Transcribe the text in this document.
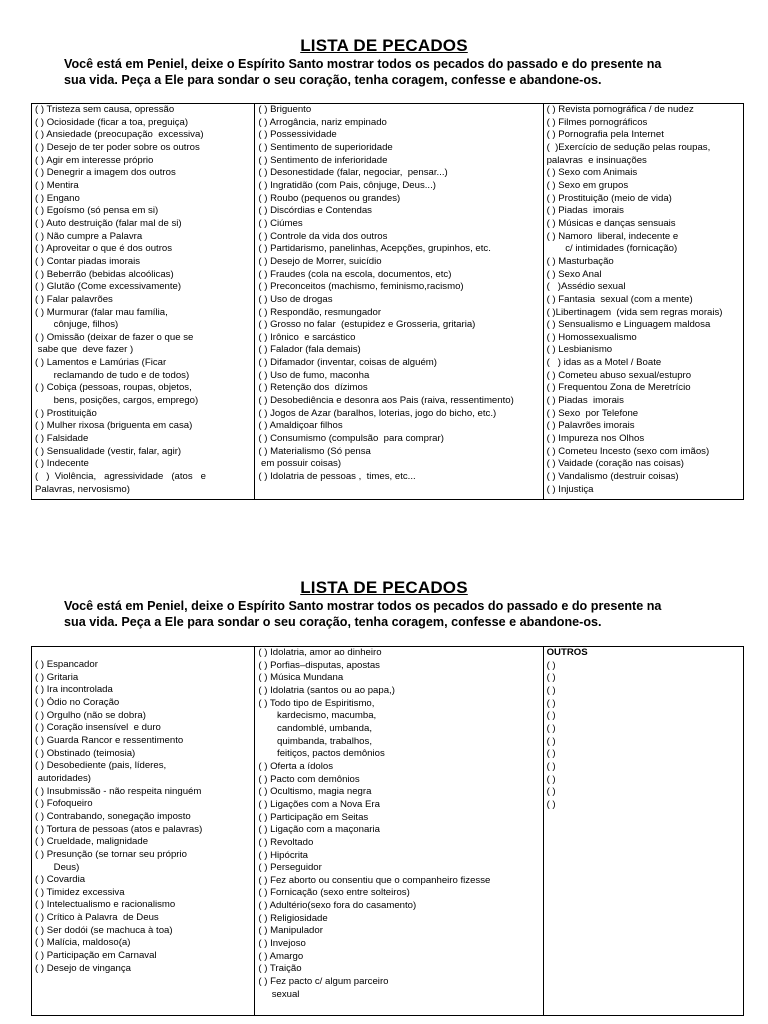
LISTA DE PECADOS
Você está em Peniel, deixe o Espírito Santo mostrar todos os pecados do passado e do presente na
sua vida. Peça a Ele para sondar o seu coração, tenha coragem, confesse e abandone-os.
( ) Tristeza sem causa, opressão
( ) Ociosidade (ficar a toa, preguiça)
( ) Ansiedade (preocupação  excessiva)
( ) Desejo de ter poder sobre os outros
( ) Agir em interesse próprio
( ) Denegrir a imagem dos outros
( ) Mentira
( ) Engano
( ) Egoísmo (só pensa em si)
( ) Auto destruição (falar mal de si)
( ) Não cumpre a Palavra
( ) Aproveitar o que é dos outros
( ) Contar piadas imorais
( ) Beberrão (bebidas alcoólicas)
( ) Glutão (Come excessivamente)
( ) Falar palavrões
( ) Murmurar (falar mau família,
cônjuge, filhos)
( ) Omissão (deixar de fazer o que se
sabe que  deve fazer )
( ) Lamentos e Lamúrias (Ficar
reclamando de tudo e de todos)
( ) Cobiça (pessoas, roupas, objetos,
bens, posições, cargos, emprego)
( ) Prostituição
( ) Mulher rixosa (briguenta em casa)
( ) Falsidade
( ) Sensualidade (vestir, falar, agir)
( ) Indecente
(   )  Violência,   agressividade   (atos   e
Palavras, nervosismo)
( ) Briguento
( ) Arrogância, nariz empinado
( ) Possessividade
( ) Sentimento de superioridade
( ) Sentimento de inferioridade
( ) Desonestidade (falar, negociar,  pensar...)
( ) Ingratidão (com Pais, cônjuge, Deus...)
( ) Roubo (pequenos ou grandes)
( ) Discórdias e Contendas
( ) Ciúmes
( ) Controle da vida dos outros
( ) Partidarismo, panelinhas, Acepções, grupinhos, etc.
( ) Desejo de Morrer, suicídio
( ) Fraudes (cola na escola, documentos, etc)
( ) Preconceitos (machismo, feminismo,racismo)
( ) Uso de drogas
( ) Respondão, resmungador
( ) Grosso no falar  (estupidez e Grosseria, gritaria)
( ) Irônico  e sarcástico
( ) Falador (fala demais)
( ) Difamador (inventar, coisas de alguém)
( ) Uso de fumo, maconha
( ) Retenção dos  dízimos
( ) Desobediência e desonra aos Pais (raiva, ressentimento)
( ) Jogos de Azar (baralhos, loterias, jogo do bicho, etc.)
( ) Amaldiçoar filhos
( ) Consumismo (compulsão  para comprar)
( ) Materialismo (Só pensa
em possuir coisas)
( ) Idolatria de pessoas ,  times, etc...
( ) Revista pornográfica / de nudez
( ) Filmes pornográficos
( ) Pornografia pela Internet
(  )Exercício de sedução pelas roupas,
palavras  e insinuações
( ) Sexo com Animais
( ) Sexo em grupos
( ) Prostituição (meio de vida)
( ) Piadas  imorais
( ) Músicas e danças sensuais
( ) Namoro  liberal, indecente e
c/ intimidades (fornicação)
( ) Masturbação
( ) Sexo Anal
(   )Assédio sexual
( ) Fantasia  sexual (com a mente)
( )Libertinagem  (vida sem regras morais)
( ) Sensualismo e Linguagem maldosa
( ) Homossexualismo
( ) Lesbianismo
(   ) idas as a Motel / Boate
( ) Cometeu abuso sexual/estupro
( ) Frequentou Zona de Meretrício
( ) Piadas  imorais
( ) Sexo  por Telefone
( ) Palavrões imorais
( ) Impureza nos Olhos
( ) Cometeu Incesto (sexo com imãos)
( ) Vaidade (coração nas coisas)
( ) Vandalismo (destruir coisas)
( ) Injustiça
LISTA DE PECADOS
Você está em Peniel, deixe o Espírito Santo mostrar todos os pecados do passado e do presente na
sua vida. Peça a Ele para sondar o seu coração, tenha coragem, confesse e abandone-os.
( ) Espancador
( ) Gritaria
( ) Ira incontrolada
( ) Ódio no Coração
( ) Orgulho (não se dobra)
( ) Coração insensível  e duro
( ) Guarda Rancor e ressentimento
( ) Obstinado (teimosia)
( ) Desobediente (pais, líderes,
autoridades)
( ) Insubmissão - não respeita ninguém
( ) Fofoqueiro
( ) Contrabando, sonegação imposto
( ) Tortura de pessoas (atos e palavras)
( ) Crueldade, malignidade
( ) Presunção (se tornar seu próprio
Deus)
( ) Covardia
( ) Timidez excessiva
( ) Intelectualismo e racionalismo
( ) Crítico à Palavra  de Deus
( ) Ser dodói (se machuca à toa)
( ) Malícia, maldoso(a)
( ) Participação em Carnaval
( ) Desejo de vingança
( ) Idolatria, amor ao dinheiro
( ) Porfias–disputas, apostas
( ) Música Mundana
( ) Idolatria (santos ou ao papa,)
( ) Todo tipo de Espiritismo,
kardecismo, macumba,
candomblé, umbanda,
quimbanda, trabalhos,
feitiços, pactos demônios
( ) Oferta a ídolos
( ) Pacto com demônios
( ) Ocultismo, magia negra
( ) Ligações com a Nova Era
( ) Participação em Seitas
( ) Ligação com a maçonaria
( ) Revoltado
( ) Hipócrita
( ) Perseguidor
( ) Fez aborto ou consentiu que o companheiro fizesse
( ) Fornicação (sexo entre solteiros)
( ) Adultério(sexo fora do casamento)
( ) Religiosidade
( ) Manipulador
( ) Invejoso
( ) Amargo
( ) Traição
( ) Fez pacto c/ algum parceiro
sexual
OUTROS
( )
( )
( )
( )
( )
( )
( )
( )
( )
( )
( )
( )
